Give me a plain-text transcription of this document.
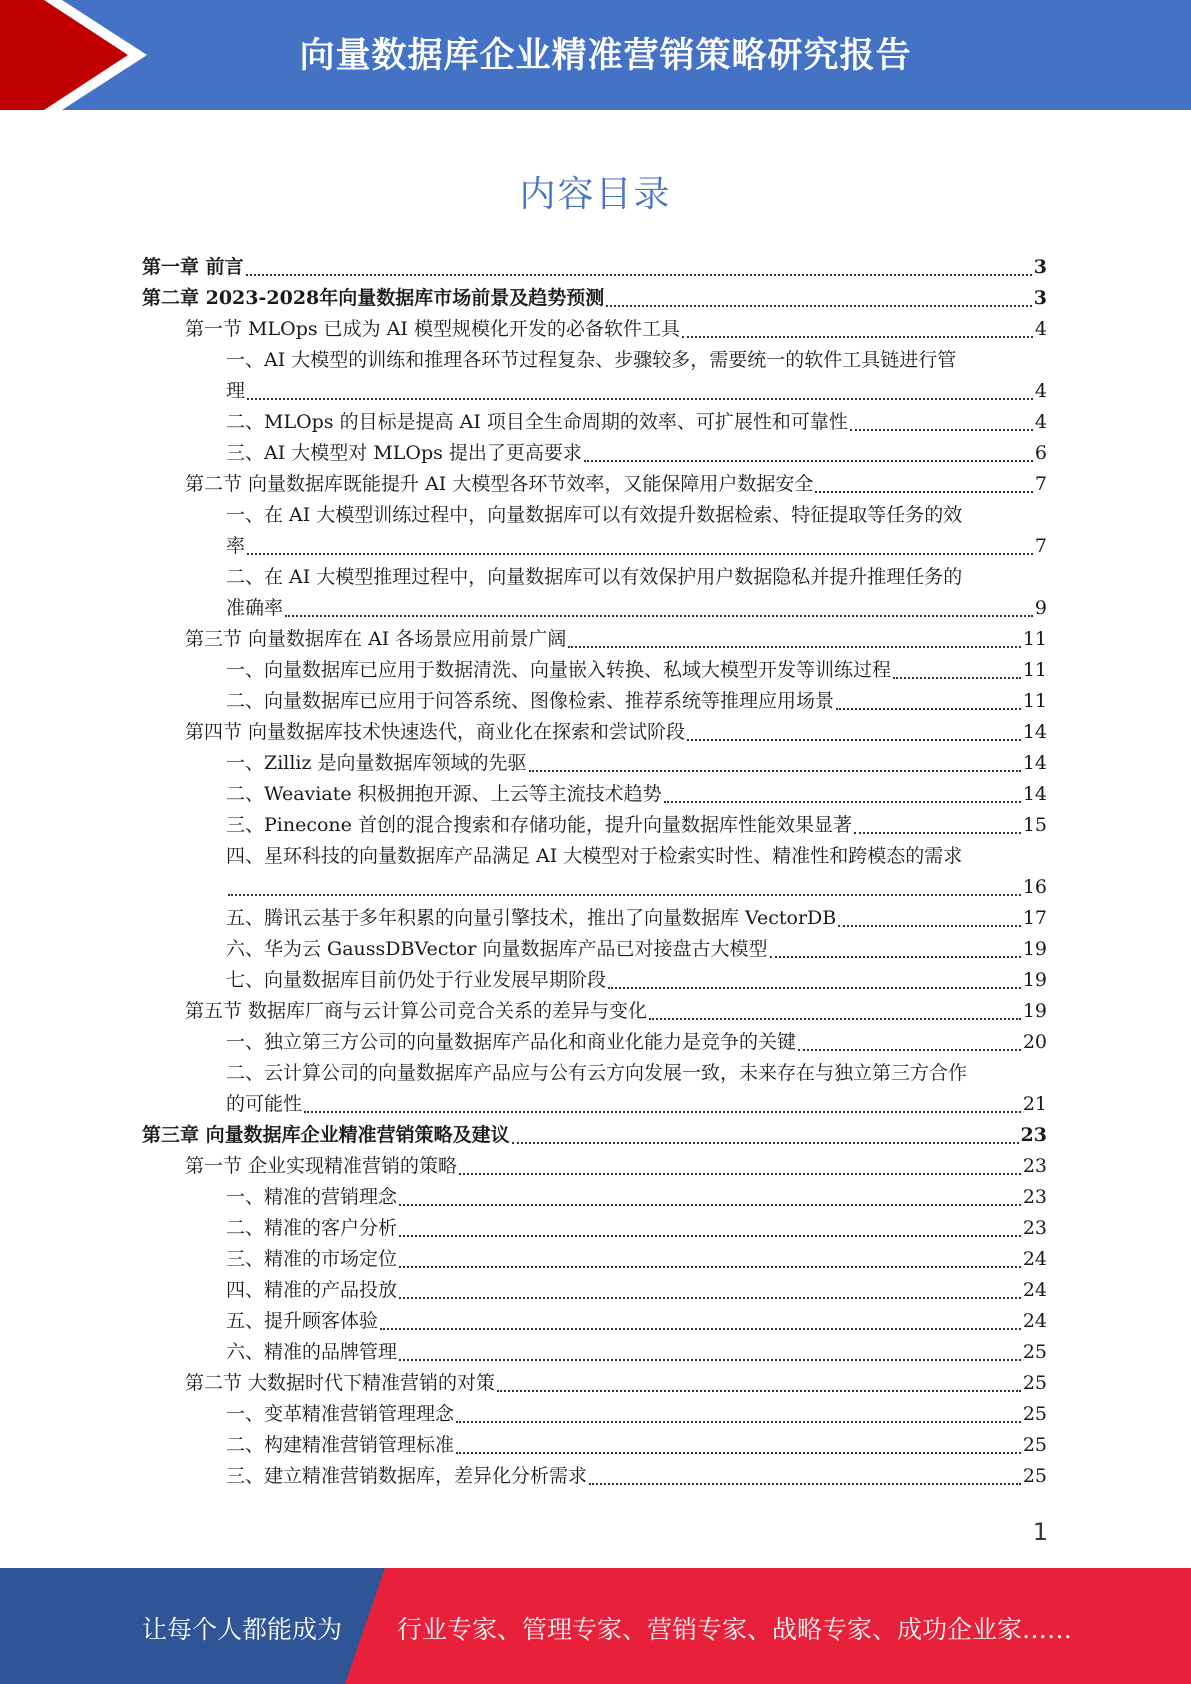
向量数据库企业精准营销策略研究报告
内容目录
第一章 前言	3
第二章 2023-2028年向量数据库市场前景及趋势预测	3
第一节 MLOps 已成为 AI 模型规模化开发的必备软件工具	4
一、AI 大模型的训练和推理各环节过程复杂、步骤较多，需要统一的软件工具链进行管
理	4
二、MLOps 的目标是提高 AI 项目全生命周期的效率、可扩展性和可靠性	4
三、AI 大模型对 MLOps 提出了更高要求	6
第二节 向量数据库既能提升 AI 大模型各环节效率，又能保障用户数据安全	7
一、在 AI 大模型训练过程中，向量数据库可以有效提升数据检索、特征提取等任务的效
率	7
二、在 AI 大模型推理过程中，向量数据库可以有效保护用户数据隐私并提升推理任务的
准确率	9
第三节 向量数据库在 AI 各场景应用前景广阔	11
一、向量数据库已应用于数据清洗、向量嵌入转换、私域大模型开发等训练过程	11
二、向量数据库已应用于问答系统、图像检索、推荐系统等推理应用场景	11
第四节 向量数据库技术快速迭代，商业化在探索和尝试阶段	14
一、Zilliz 是向量数据库领域的先驱	14
二、Weaviate 积极拥抱开源、上云等主流技术趋势	14
三、Pinecone 首创的混合搜索和存储功能，提升向量数据库性能效果显著	15
四、星环科技的向量数据库产品满足 AI 大模型对于检索实时性、精准性和跨模态的需求
16
五、腾讯云基于多年积累的向量引擎技术，推出了向量数据库 VectorDB	17
六、华为云 GaussDBVector 向量数据库产品已对接盘古大模型	19
七、向量数据库目前仍处于行业发展早期阶段	19
第五节 数据库厂商与云计算公司竞合关系的差异与变化	19
一、独立第三方公司的向量数据库产品化和商业化能力是竞争的关键	20
二、云计算公司的向量数据库产品应与公有云方向发展一致，未来存在与独立第三方合作
的可能性	21
第三章 向量数据库企业精准营销策略及建议	23
第一节 企业实现精准营销的策略	23
一、精准的营销理念	23
二、精准的客户分析	23
三、精准的市场定位	24
四、精准的产品投放	24
五、提升顾客体验	24
六、精准的品牌管理	25
第二节 大数据时代下精准营销的对策	25
一、变革精准营销管理理念	25
二、构建精准营销管理标准	25
三、建立精准营销数据库，差异化分析需求	25
1
让每个人都能成为 行业专家、管理专家、营销专家、战略专家、成功企业家……
